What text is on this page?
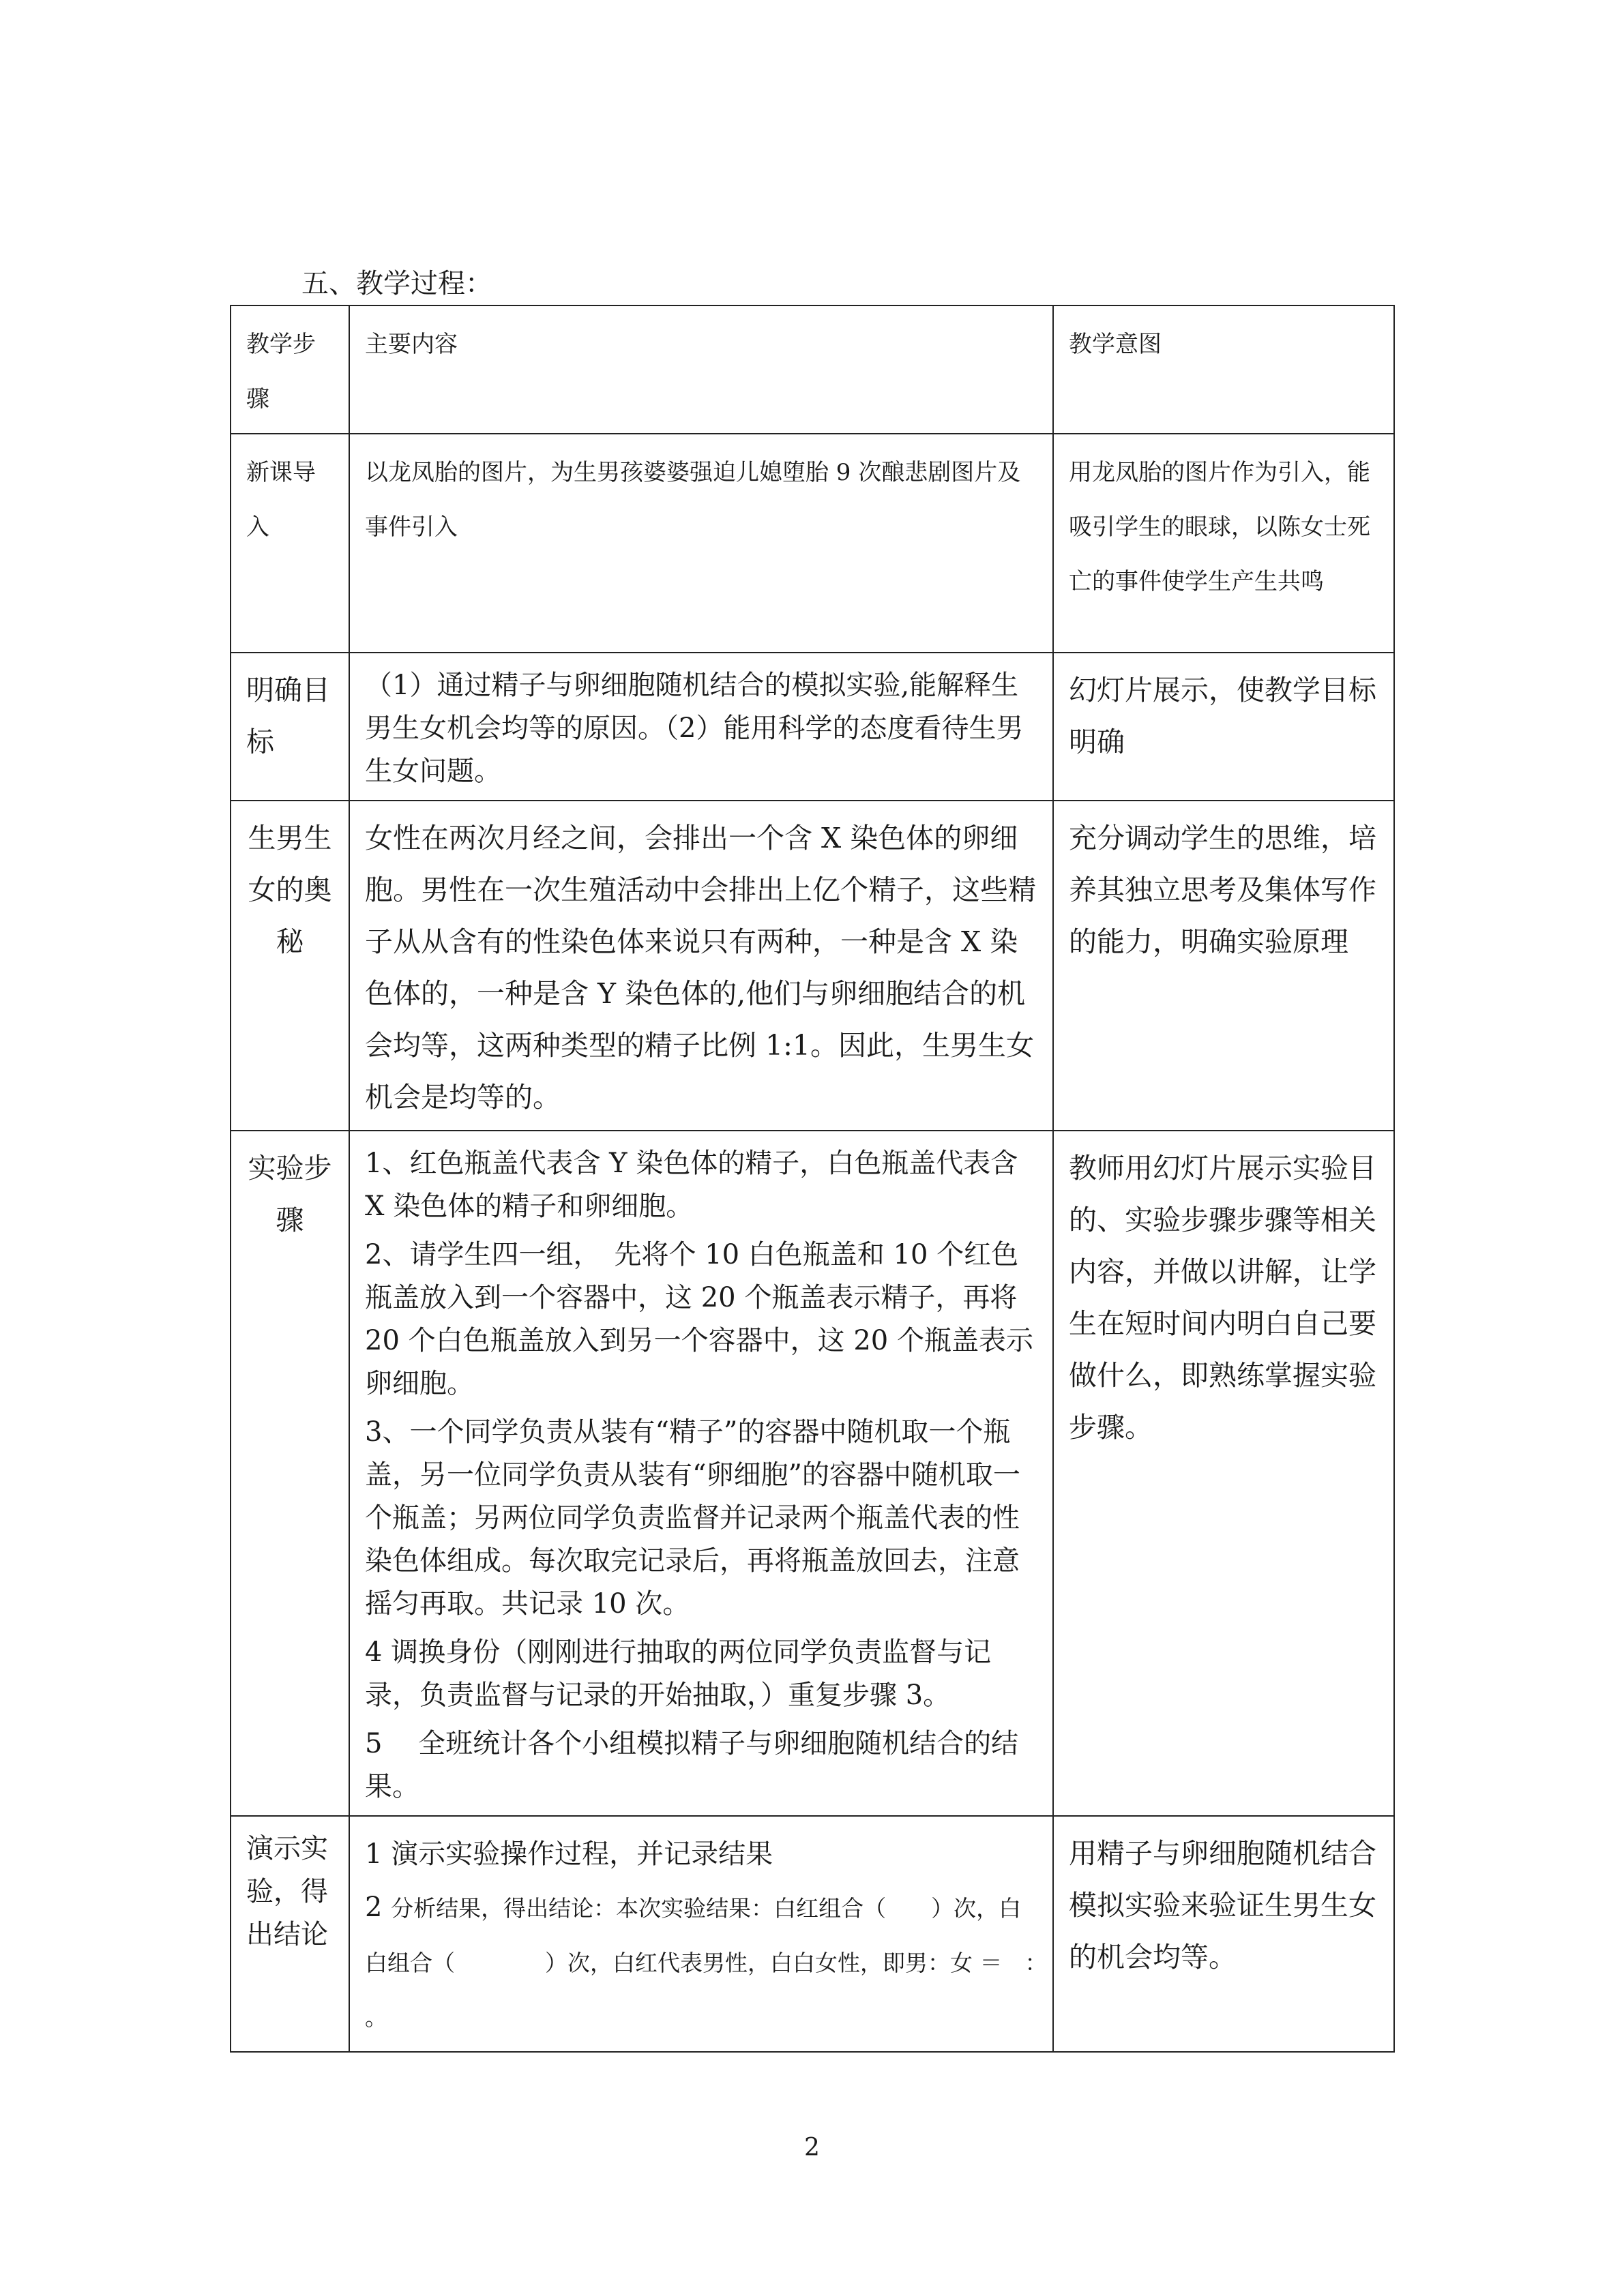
五、教学过程：
教学步骤	主要内容	教学意图
新课导入	以龙凤胎的图片，为生男孩婆婆强迫儿媳堕胎 9 次酿悲剧图片及事件引入	用龙凤胎的图片作为引入，能吸引学生的眼球，以陈女士死亡的事件使学生产生共鸣
明确目标	（1）通过精子与卵细胞随机结合的模拟实验,能解释生男生女机会均等的原因。（2）能用科学的态度看待生男生女问题。	幻灯片展示，使教学目标明确
生男生女的奥秘	女性在两次月经之间，会排出一个含 X 染色体的卵细胞。男性在一次生殖活动中会排出上亿个精子，这些精子从从含有的性染色体来说只有两种，一种是含 X 染色体的，一种是含 Y 染色体的,他们与卵细胞结合的机会均等，这两种类型的精子比例 1:1。因此，生男生女机会是均等的。	充分调动学生的思维，培养其独立思考及集体写作的能力，明确实验原理
实验步骤	1、红色瓶盖代表含 Y 染色体的精子，白色瓶盖代表含 X 染色体的精子和卵细胞。
2、请学生四一组，　先将个 10 白色瓶盖和 10 个红色瓶盖放入到一个容器中，这 20 个瓶盖表示精子，再将 20 个白色瓶盖放入到另一个容器中，这 20 个瓶盖表示卵细胞。
3、一个同学负责从装有“精子”的容器中随机取一个瓶盖，另一位同学负责从装有“卵细胞”的容器中随机取一个瓶盖；另两位同学负责监督并记录两个瓶盖代表的性染色体组成。每次取完记录后，再将瓶盖放回去，注意摇匀再取。共记录 10 次。
4 调换身份（刚刚进行抽取的两位同学负责监督与记录，负责监督与记录的开始抽取，）重复步骤 3。
5　 全班统计各个小组模拟精子与卵细胞随机结合的结果。	教师用幻灯片展示实验目的、实验步骤步骤等相关内容，并做以讲解，让学生在短时间内明白自己要做什么，即熟练掌握实验步骤。
演示实验，得出结论	1 演示实验操作过程，并记录结果
2 分析结果，得出结论：本次实验结果：白红组合（　　）次，白白组合（　　　　）次，白红代表男性，白白女性，即男：女 ＝　：　　。	用精子与卵细胞随机结合模拟实验来验证生男生女的机会均等。
2
